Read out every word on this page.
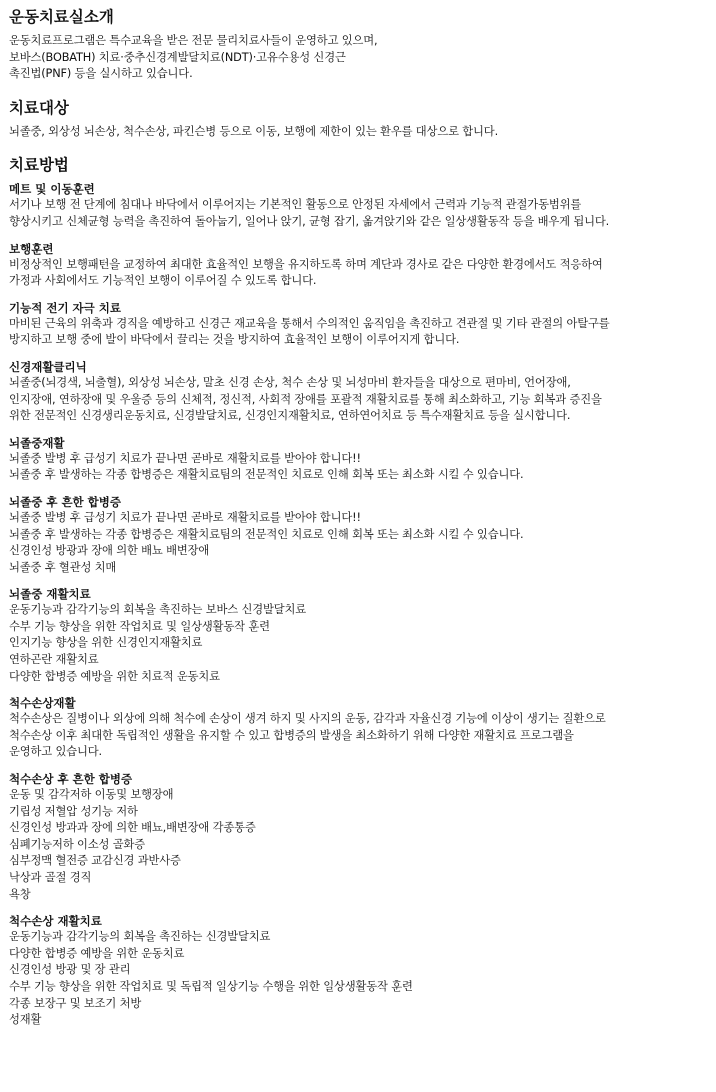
운동치료실소개
운동치료프로그램은 특수교육을 받은 전문 물리치료사들이 운영하고 있으며,
보바스(BOBATH) 치료·중추신경계발달치료(NDT)·고유수용성 신경근
촉진법(PNF) 등을 실시하고 있습니다.
치료대상
뇌졸중, 외상성 뇌손상, 척수손상, 파킨슨병 등으로 이동, 보행에 제한이 있는 환우를 대상으로 합니다.
치료방법
메트 및 이동훈련
서기나 보행 전 단계에 침대나 바닥에서 이루어지는 기본적인 활동으로 안정된 자세에서 근력과 기능적 관절가동범위를
향상시키고 신체균형 능력을 촉진하여 돌아눕기, 일어나 앉기, 균형 잡기, 옮겨앉기와 같은 일상생활동작 등을 배우게 됩니다.
보행훈련
비정상적인 보행패턴을 교정하여 최대한 효율적인 보행을 유지하도록 하며 계단과 경사로 같은 다양한 환경에서도 적응하여
가정과 사회에서도 기능적인 보행이 이루어질 수 있도록 합니다.
기능적 전기 자극 치료
마비된 근육의 위축과 경직을 예방하고 신경근 재교육을 통해서 수의적인 움직임을 촉진하고 견관절 및 기타 관절의 아탈구를
방지하고 보행 중에 발이 바닥에서 끌리는 것을 방지하여 효율적인 보행이 이루어지게 합니다.
신경재활클리닉
뇌졸중(뇌경색, 뇌출혈), 외상성 뇌손상, 말초 신경 손상, 척수 손상 및 뇌성마비 환자들을 대상으로 편마비, 언어장애,
인지장애, 연하장애 및 우울증 등의 신체적, 정신적, 사회적 장애를 포괄적 재활치료를 통해 최소화하고, 기능 회복과 증진을
위한 전문적인 신경생리운동치료, 신경발달치료, 신경인지재활치료, 연하연어치료 등 특수재활치료 등을 실시합니다.
뇌졸중재활
뇌졸중 발병 후 급성기 치료가 끝나면 곧바로 재활치료를 받아야 합니다!!
뇌졸중 후 발생하는 각종 합병증은 재활치료팀의 전문적인 치료로 인해 회복 또는 최소화 시킬 수 있습니다.
뇌졸중 후 흔한 합병증
뇌졸중 발병 후 급성기 치료가 끝나면 곧바로 재활치료를 받아야 합니다!!
뇌졸중 후 발생하는 각종 합병증은 재활치료팀의 전문적인 치료로 인해 회복 또는 최소화 시킬 수 있습니다.
신경인성 방광과 장애 의한 배뇨 배변장애
뇌졸중 후 혈관성 치매
뇌졸중 재활치료
운동기능과 감각기능의 회복을 촉진하는 보바스 신경발달치료
수부 기능 향상을 위한 작업치료 및 일상생활동작 훈련
인지기능 향상을 위한 신경인지재활치료
연하곤란 재활치료
다양한 합병증 예방을 위한 치료적 운동치료
척수손상재활
척수손상은 질병이나 외상에 의해 척수에 손상이 생겨 하지 및 사지의 운동, 감각과 자율신경 기능에 이상이 생기는 질환으로
척수손상 이후 최대한 독립적인 생활을 유지할 수 있고 합병증의 발생을 최소화하기 위해 다양한 재활치료 프로그램을
운영하고 있습니다.
척수손상 후 흔한 합병증
운동 및 감각저하 이동및 보행장애
기립성 저혈압 성기능 저하
신경인성 방과과 장에 의한 배뇨,배변장애 각종통증
심폐기능저하 이소성 골화증
심부정맥 혈전증 교감신경 과반사증
낙상과 골절 경직
욕창
척수손상 재활치료
운동기능과 감각기능의 회복을 촉진하는 신경발달치료
다양한 합병증 예방을 위한 운동치료
신경인성 방광 및 장 관리
수부 기능 향상을 위한 작업치료 및 독립적 일상기능 수행을 위한 일상생활동작 훈련
각종 보장구 및 보조기 처방
성재활
